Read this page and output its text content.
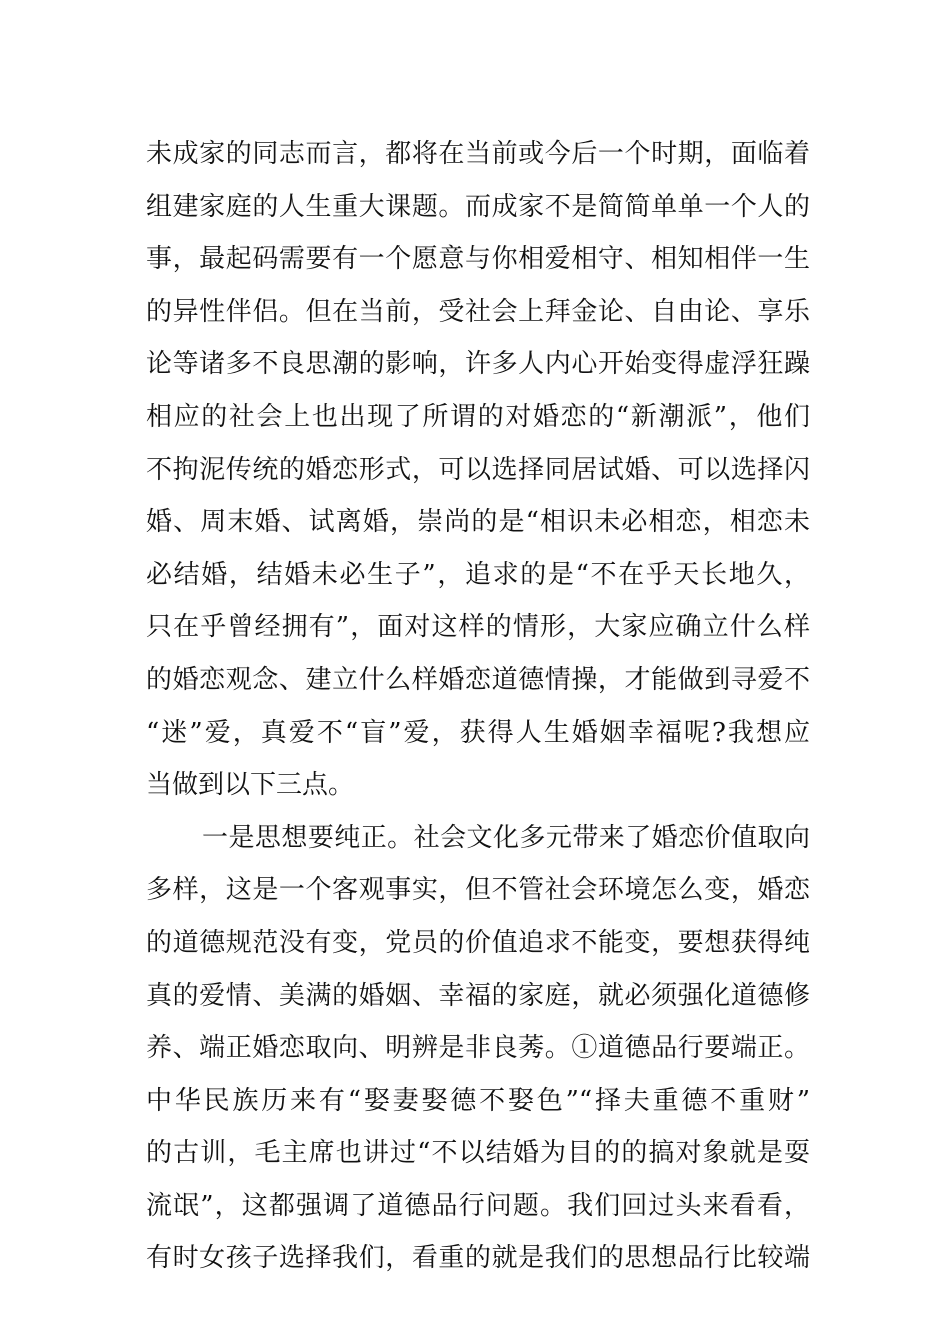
未成家的同志而言，都将在当前或今后一个时期，面临着
组建家庭的人生重大课题。而成家不是简简单单一个人的
事，最起码需要有一个愿意与你相爱相守、相知相伴一生
的异性伴侣。但在当前，受社会上拜金论、自由论、享乐
论等诸多不良思潮的影响，许多人内心开始变得虚浮狂躁
相应的社会上也出现了所谓的对婚恋的“新潮派”，他们
不拘泥传统的婚恋形式，可以选择同居试婚、可以选择闪
婚、周末婚、试离婚，崇尚的是“相识未必相恋，相恋未
必结婚，结婚未必生子”，追求的是“不在乎天长地久，
只在乎曾经拥有”，面对这样的情形，大家应确立什么样
的婚恋观念、建立什么样婚恋道德情操，才能做到寻爱不
“迷”爱，真爱不“盲”爱，获得人生婚姻幸福呢?我想应
当做到以下三点。
一是思想要纯正。社会文化多元带来了婚恋价值取向
多样，这是一个客观事实，但不管社会环境怎么变，婚恋
的道德规范没有变，党员的价值追求不能变，要想获得纯
真的爱情、美满的婚姻、幸福的家庭，就必须强化道德修
养、端正婚恋取向、明辨是非良莠。①道德品行要端正。
中华民族历来有“娶妻娶德不娶色”“择夫重德不重财”
的古训，毛主席也讲过“不以结婚为目的的搞对象就是耍
流氓”，这都强调了道德品行问题。我们回过头来看看，
有时女孩子选择我们，看重的就是我们的思想品行比较端
